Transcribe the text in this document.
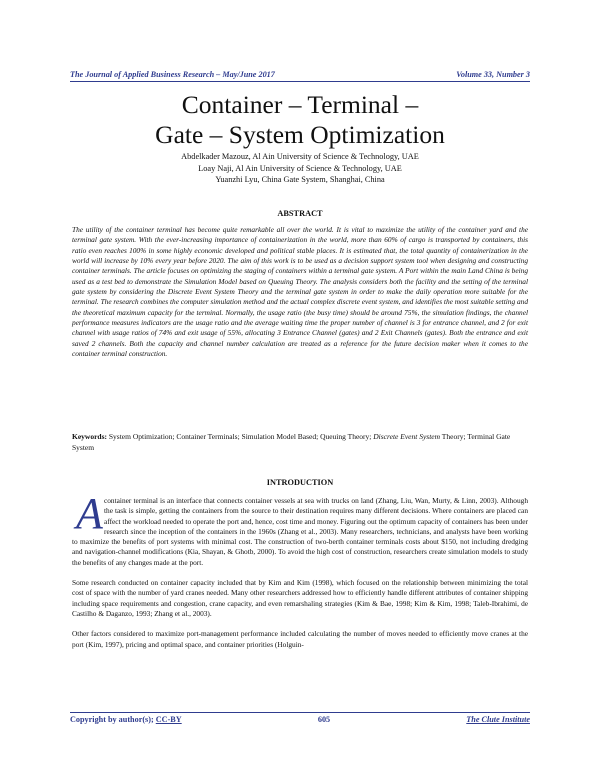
The Journal of Applied Business Research – May/June 2017	Volume 33, Number 3
Container – Terminal –
Gate – System Optimization
Abdelkader Mazouz, Al Ain University of Science & Technology, UAE
Loay Naji, Al Ain University of Science & Technology, UAE
Yuanzhi Lyu, China Gate System, Shanghai, China
ABSTRACT
The utility of the container terminal has become quite remarkable all over the world. It is vital to maximize the utility of the container yard and the terminal gate system. With the ever-increasing importance of containerization in the world, more than 60% of cargo is transported by containers, this ratio even reaches 100% in some highly economic developed and political stable places. It is estimated that, the total quantity of containerization in the world will increase by 10% every year before 2020. The aim of this work is to be used as a decision support system tool when designing and constructing container terminals. The article focuses on optimizing the staging of containers within a terminal gate system. A Port within the main Land China is being used as a test bed to demonstrate the Simulation Model based on Queuing Theory. The analysis considers both the facility and the setting of the terminal gate system by considering the Discrete Event System Theory and the terminal gate system in order to make the daily operation more suitable for the terminal. The research combines the computer simulation method and the actual complex discrete event system, and identifies the most suitable setting and the theoretical maximum capacity for the terminal. Normally, the usage ratio (the busy time) should be around 75%, the simulation findings, the channel performance measures indicators are the usage ratio and the average waiting time the proper number of channel is 3 for entrance channel, and 2 for exit channel with usage ratios of 74% and exit usage of 55%, allocating 3 Entrance Channel (gates) and 2 Exit Channels (gates). Both the entrance and exit saved 2 channels. Both the capacity and channel number calculation are treated as a reference for the future decision maker when it comes to the container terminal construction.
Keywords: System Optimization; Container Terminals; Simulation Model Based; Queuing Theory; Discrete Event System Theory; Terminal Gate System
INTRODUCTION
A container terminal is an interface that connects container vessels at sea with trucks on land (Zhang, Liu, Wan, Murty, & Linn, 2003). Although the task is simple, getting the containers from the source to their destination requires many different decisions. Where containers are placed can affect the workload needed to operate the port and, hence, cost time and money. Figuring out the optimum capacity of containers has been under research since the inception of the containers in the 1960s (Zhang et al., 2003). Many researchers, technicians, and analysts have been working to maximize the benefits of port systems with minimal cost. The construction of two-berth container terminals costs about $150, not including dredging and navigation-channel modifications (Kia, Shayan, & Ghotb, 2000). To avoid the high cost of construction, researchers create simulation models to study the benefits of any changes made at the port.
Some research conducted on container capacity included that by Kim and Kim (1998), which focused on the relationship between minimizing the total cost of space with the number of yard cranes needed. Many other researchers addressed how to efficiently handle different attributes of container shipping including space requirements and congestion, crane capacity, and even remarshaling strategies (Kim & Bae, 1998; Kim & Kim, 1998; Taleb-Ibrahimi, de Castilho & Daganzo, 1993; Zhang et al., 2003).
Other factors considered to maximize port-management performance included calculating the number of moves needed to efficiently move cranes at the port (Kim, 1997), pricing and optimal space, and container priorities (Holguin-
Copyright by author(s); CC-BY	605	The Clute Institute
